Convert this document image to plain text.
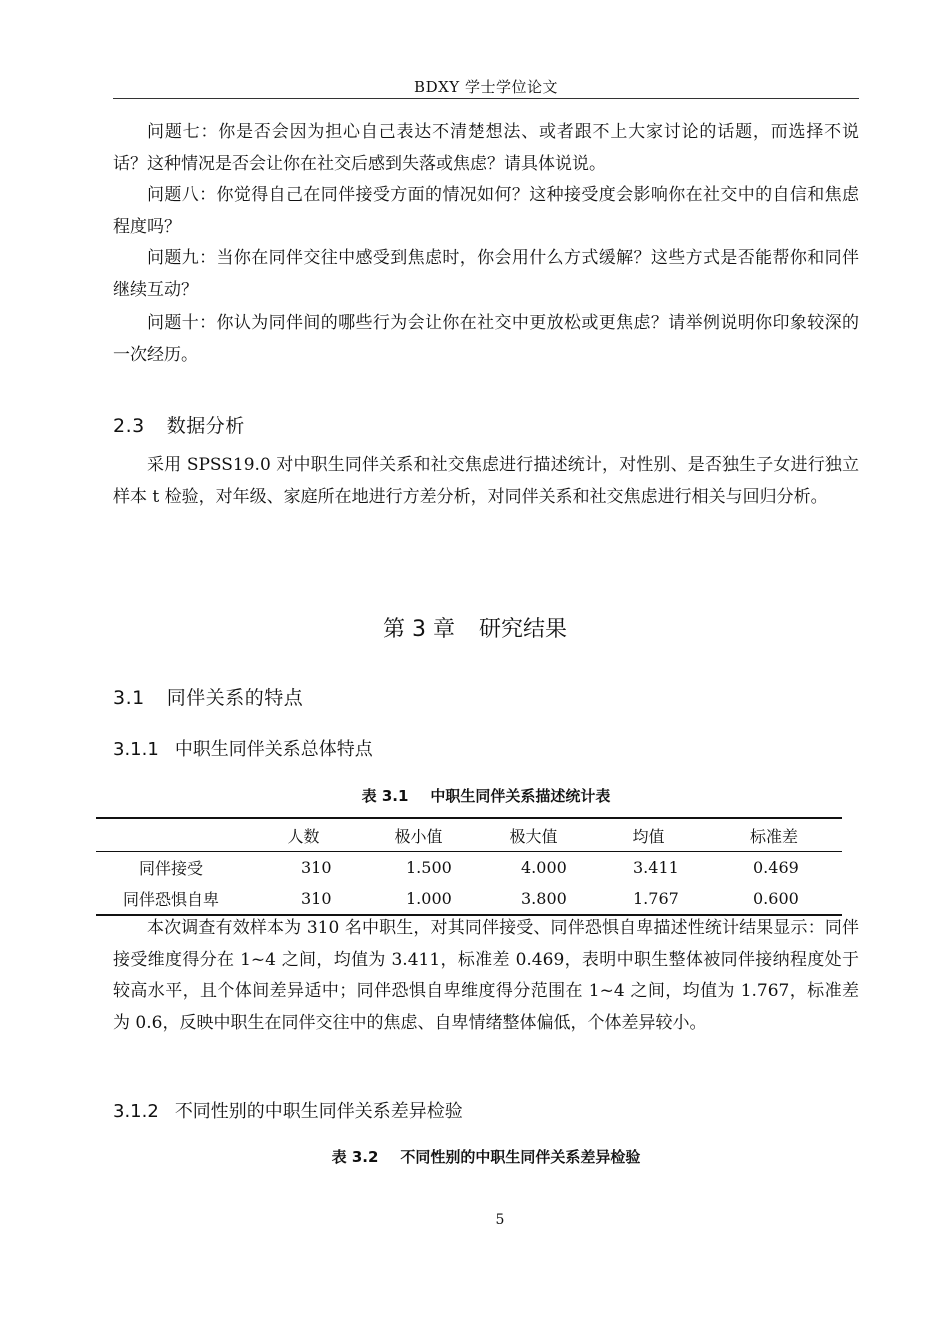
BDXY 学士学位论文
问题七：你是否会因为担心自己表达不清楚想法、或者跟不上大家讨论的话题，而选择不说话？这种情况是否会让你在社交后感到失落或焦虑？请具体说说。
问题八：你觉得自己在同伴接受方面的情况如何？这种接受度会影响你在社交中的自信和焦虑程度吗？
问题九：当你在同伴交往中感受到焦虑时，你会用什么方式缓解？这些方式是否能帮你和同伴继续互动？
问题十：你认为同伴间的哪些行为会让你在社交中更放松或更焦虑？请举例说明你印象较深的一次经历。
2.3 数据分析
采用 SPSS19.0 对中职生同伴关系和社交焦虑进行描述统计，对性别、是否独生子女进行独立样本 t 检验，对年级、家庭所在地进行方差分析，对同伴关系和社交焦虑进行相关与回归分析。
第 3 章 研究结果
3.1 同伴关系的特点
3.1.1 中职生同伴关系总体特点
表 3.1 中职生同伴关系描述统计表
	人数	极小值	极大值	均值	标准差
同伴接受	310	1.500	4.000	3.411	0.469
同伴恐惧自卑	310	1.000	3.800	1.767	0.600
本次调查有效样本为 310 名中职生，对其同伴接受、同伴恐惧自卑描述性统计结果显示：同伴接受维度得分在 1~4 之间，均值为 3.411，标准差 0.469，表明中职生整体被同伴接纳程度处于较高水平，且个体间差异适中；同伴恐惧自卑维度得分范围在 1~4 之间，均值为 1.767，标准差为 0.6，反映中职生在同伴交往中的焦虑、自卑情绪整体偏低，个体差异较小。
3.1.2 不同性别的中职生同伴关系差异检验
表 3.2 不同性别的中职生同伴关系差异检验
5
